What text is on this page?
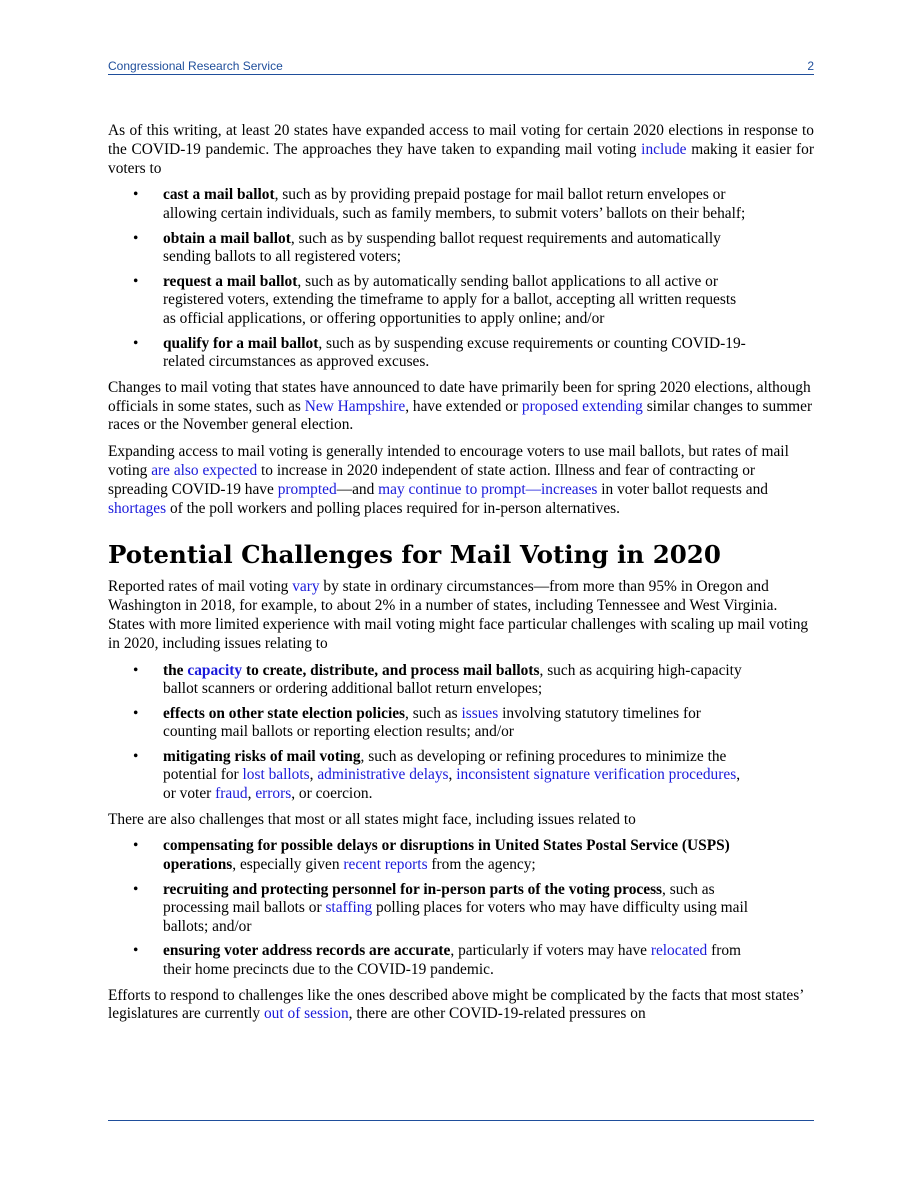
Congressional Research Service	2

As of this writing, at least 20 states have expanded access to mail voting for certain 2020 elections in response to the COVID-19 pandemic. The approaches they have taken to expanding mail voting include making it easier for voters to

• cast a mail ballot, such as by providing prepaid postage for mail ballot return envelopes or allowing certain individuals, such as family members, to submit voters’ ballots on their behalf;
• obtain a mail ballot, such as by suspending ballot request requirements and automatically sending ballots to all registered voters;
• request a mail ballot, such as by automatically sending ballot applications to all active or registered voters, extending the timeframe to apply for a ballot, accepting all written requests as official applications, or offering opportunities to apply online; and/or
• qualify for a mail ballot, such as by suspending excuse requirements or counting COVID-19-related circumstances as approved excuses.

Changes to mail voting that states have announced to date have primarily been for spring 2020 elections, although officials in some states, such as New Hampshire, have extended or proposed extending similar changes to summer races or the November general election.

Expanding access to mail voting is generally intended to encourage voters to use mail ballots, but rates of mail voting are also expected to increase in 2020 independent of state action. Illness and fear of contracting or spreading COVID-19 have prompted—and may continue to prompt—increases in voter ballot requests and shortages of the poll workers and polling places required for in-person alternatives.

Potential Challenges for Mail Voting in 2020

Reported rates of mail voting vary by state in ordinary circumstances—from more than 95% in Oregon and Washington in 2018, for example, to about 2% in a number of states, including Tennessee and West Virginia. States with more limited experience with mail voting might face particular challenges with scaling up mail voting in 2020, including issues relating to

• the capacity to create, distribute, and process mail ballots, such as acquiring high-capacity ballot scanners or ordering additional ballot return envelopes;
• effects on other state election policies, such as issues involving statutory timelines for counting mail ballots or reporting election results; and/or
• mitigating risks of mail voting, such as developing or refining procedures to minimize the potential for lost ballots, administrative delays, inconsistent signature verification procedures, or voter fraud, errors, or coercion.

There are also challenges that most or all states might face, including issues related to

• compensating for possible delays or disruptions in United States Postal Service (USPS) operations, especially given recent reports from the agency;
• recruiting and protecting personnel for in-person parts of the voting process, such as processing mail ballots or staffing polling places for voters who may have difficulty using mail ballots; and/or
• ensuring voter address records are accurate, particularly if voters may have relocated from their home precincts due to the COVID-19 pandemic.

Efforts to respond to challenges like the ones described above might be complicated by the facts that most states’ legislatures are currently out of session, there are other COVID-19-related pressures on
